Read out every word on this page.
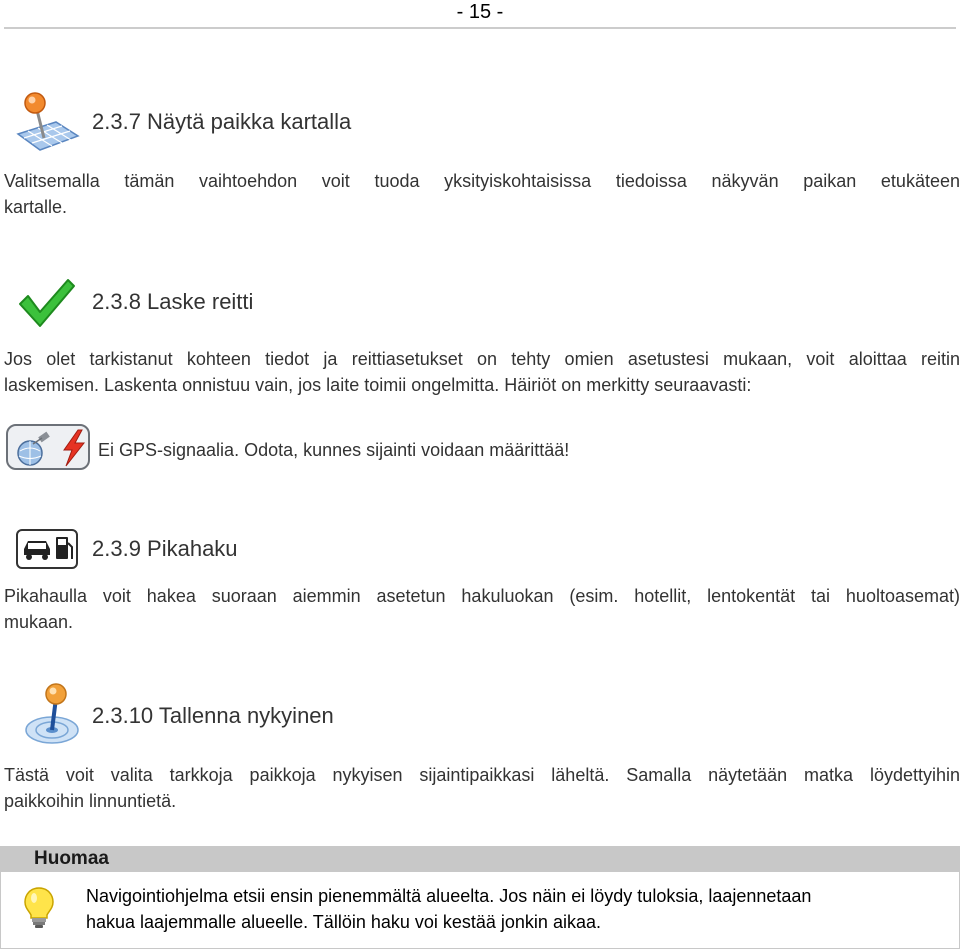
- 15 -
2.3.7 Näytä paikka kartalla
Valitsemalla tämän vaihtoehdon voit tuoda yksityiskohtaisissa tiedoissa näkyvän paikan etukäteen
kartalle.
2.3.8 Laske reitti
Jos olet tarkistanut kohteen tiedot ja reittiasetukset on tehty omien asetustesi mukaan, voit aloittaa reitin
laskemisen. Laskenta onnistuu vain, jos laite toimii ongelmitta. Häiriöt on merkitty seuraavasti:
Ei GPS-signaalia. Odota, kunnes sijainti voidaan määrittää!
2.3.9 Pikahaku
Pikahaulla voit hakea suoraan aiemmin asetetun hakuluokan (esim. hotellit, lentokentät tai huoltoasemat)
mukaan.
2.3.10 Tallenna nykyinen
Tästä voit valita tarkkoja paikkoja nykyisen sijaintipaikkasi läheltä. Samalla näytetään matka löydettyihin
paikkoihin linnuntietä.
Huomaa
Navigointiohjelma etsii ensin pienemmältä alueelta. Jos näin ei löydy tuloksia, laajennetaan
hakua laajemmalle alueelle. Tällöin haku voi kestää jonkin aikaa.
